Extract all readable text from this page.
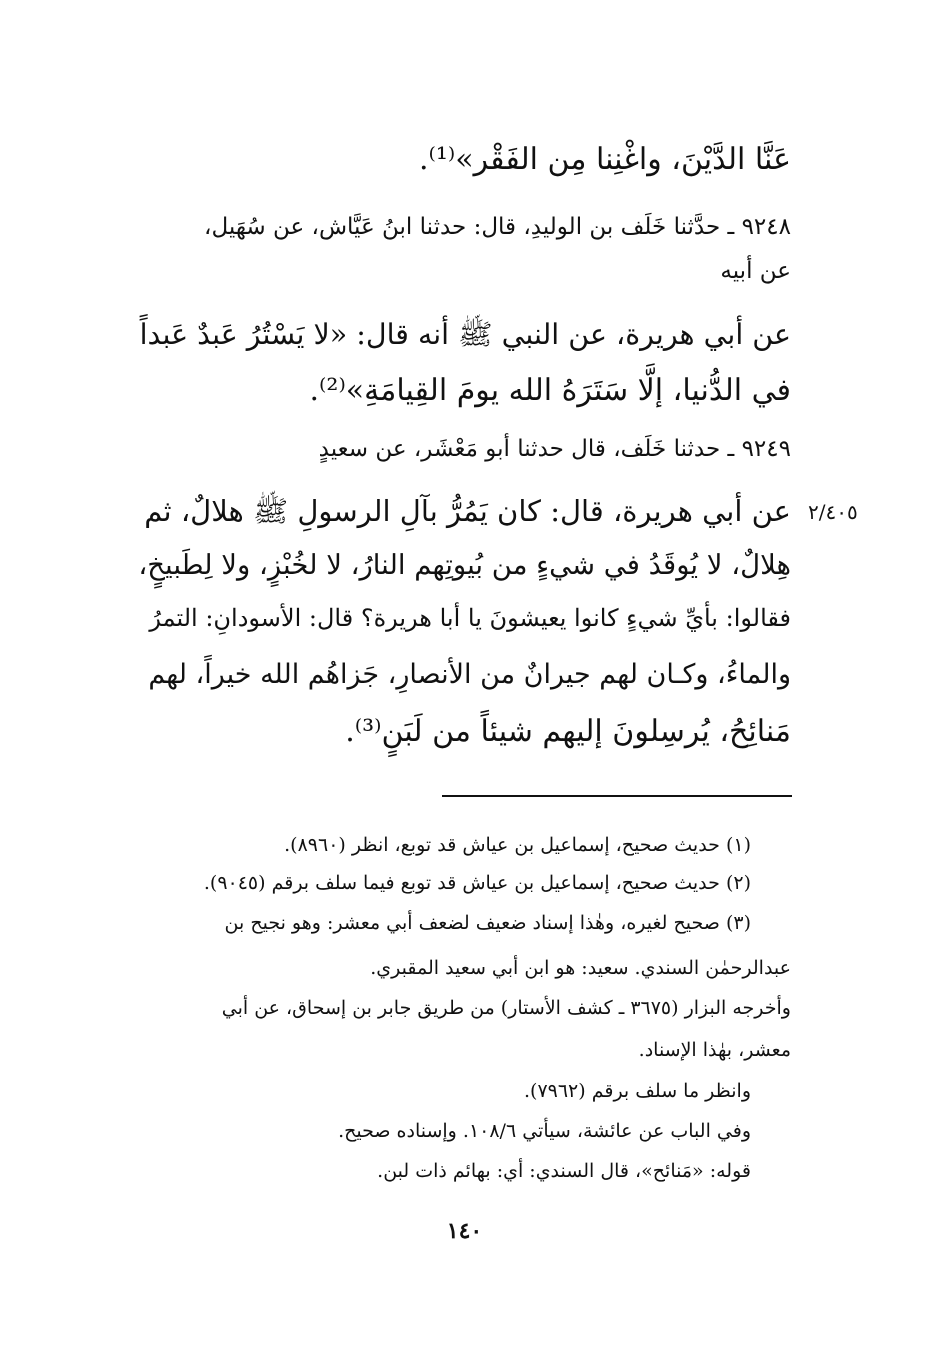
٢/٤٠٥
عَنَّا الدَّيْنَ، واغْنِنا مِن الفَقْر»⁽¹⁾.
٩٢٤٨ ـ حدَّثنا خَلَف بن الوليدِ، قال: حدثنا ابنُ عَيَّاش، عن سُهَيل،
عن أبيه
عن أبي هريرة، عن النبي ﷺ أنه قال: «لا يَسْتُرُ عَبدٌ عَبداً
في الدُّنيا، إلَّا سَتَرَهُ الله يومَ القِيامَةِ»⁽²⁾.
٩٢٤٩ ـ حدثنا خَلَف، قال حدثنا أبو مَعْشَر، عن سعيدٍ
عن أبي هريرة، قال: كان يَمُرُّ بآلِ الرسولِ ﷺ هلالٌ، ثم
هِلالٌ، لا يُوقَدُ في شيءٍ من بُيوتِهم النارُ، لا لخُبْزٍ، ولا لِطَبيخٍ،
فقالوا: بأيِّ شيءٍ كانوا يعيشونَ يا أبا هريرة؟ قال: الأسودانِ: التمرُ
والماءُ، وكـان لهم جيرانٌ من الأنصارِ، جَزاهُم الله خيراً، لهم
مَنائِحُ، يُرسِلونَ إليهم شيئاً من لَبَنٍ⁽³⁾.
(١) حديث صحيح، إسماعيل بن عياش قد توبع، انظر (٨٩٦٠).
(٢) حديث صحيح، إسماعيل بن عياش قد توبع فيما سلف برقم (٩٠٤٥).
(٣) صحيح لغيره، وهٰذا إسناد ضعيف لضعف أبي معشر: وهو نجيح بن
عبدالرحمٰن السندي. سعيد: هو ابن أبي سعيد المقبري.
وأخرجه البزار (٣٦٧٥ ـ كشف الأستار) من طريق جابر بن إسحاق، عن أبي
معشر، بهٰذا الإسناد.
وانظر ما سلف برقم (٧٩٦٢).
وفي الباب عن عائشة، سيأتي ١٠٨/٦. وإسناده صحيح.
قوله: «مَنائح»، قال السندي: أي: بهائم ذات لبن.
١٤٠
